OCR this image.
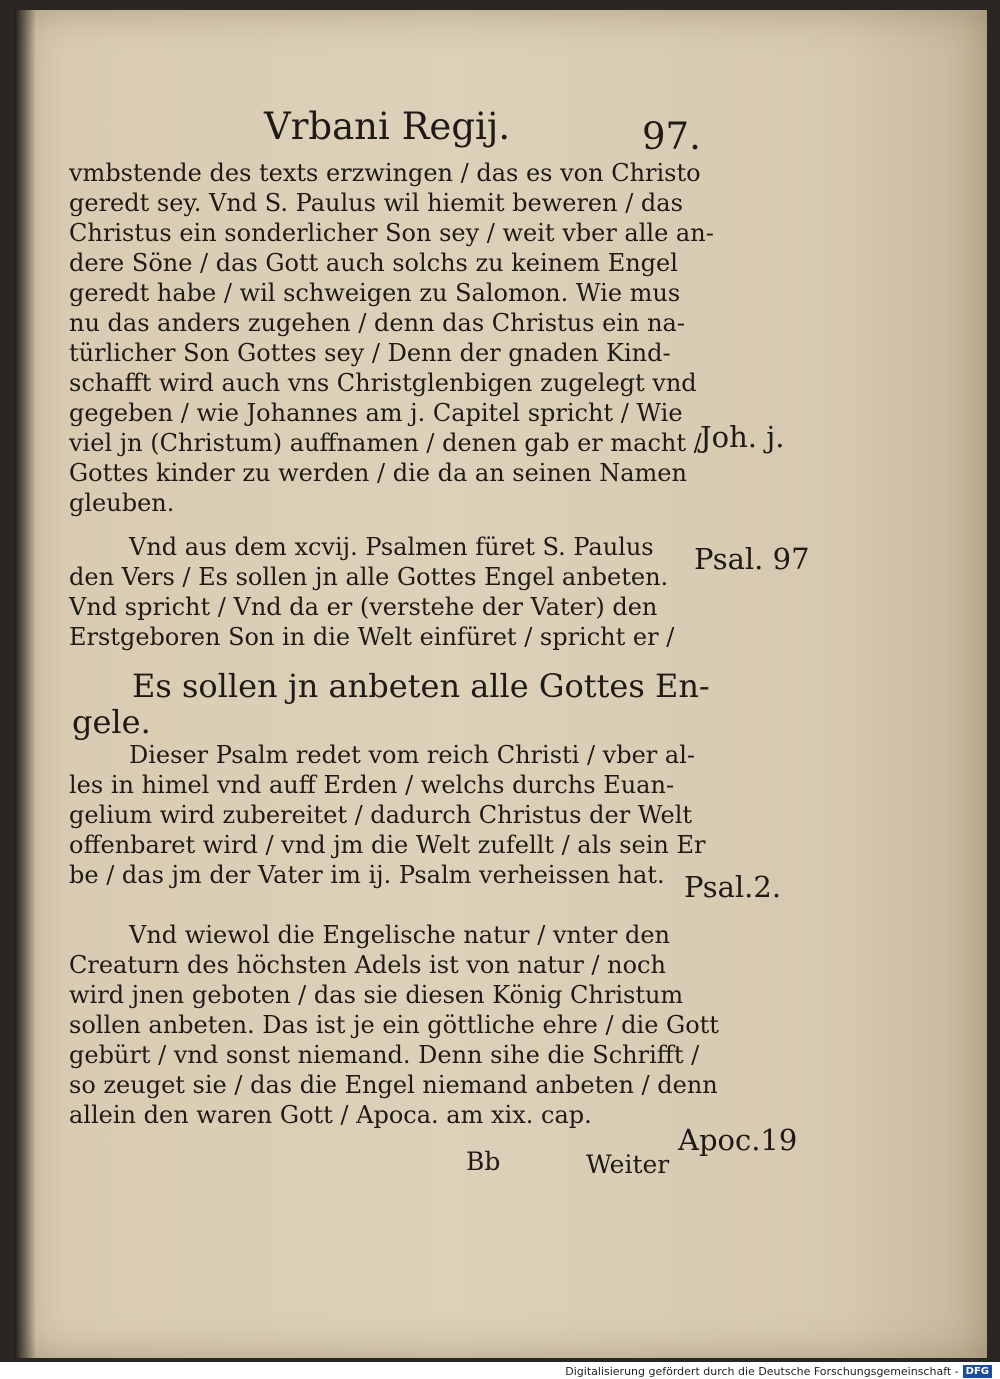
Vrbani Regij.	97.

vmbstende des texts erzwingen / das es von Christo
geredt sey. Vnd S. Paulus wil hiemit beweren / das
Christus ein sonderlicher Son sey / weit vber alle an-
dere Söne / das Gott auch solchs zu keinem Engel
geredt habe / wil schweigen zu Salomon. Wie mus
nu das anders zugehen / denn das Christus ein na-
türlicher Son Gottes sey / Denn der gnaden Kind-
schafft wird auch vns Christglenbigen zugelegt vnd
gegeben / wie Johannes am j. Capitel spricht / Wie
viel jn (Christum) auffnamen / denen gab er macht /
Gottes kinder zu werden / die da an seinen Namen
gleuben.

Vnd aus dem xcvij. Psalmen füret S. Paulus
den Vers / Es sollen jn alle Gottes Engel anbeten.
Vnd spricht / Vnd da er (verstehe der Vater) den
Erstgeboren Son in die Welt einfüret / spricht er /

Es sollen jn anbeten alle Gottes En-
gele.

Dieser Psalm redet vom reich Christi / vber al-
les in himel vnd auff Erden / welchs durchs Euan-
gelium wird zubereitet / dadurch Christus der Welt
offenbaret wird / vnd jm die Welt zufellt / als sein Er
be / das jm der Vater im ij. Psalm verheissen hat.

Vnd wiewol die Engelische natur / vnter den
Creaturn des höchsten Adels ist von natur / noch
wird jnen geboten / das sie diesen König Christum
sollen anbeten. Das ist je ein göttliche ehre / die Gott
gebürt / vnd sonst niemand. Denn sihe die Schrifft /
so zeuget sie / das die Engel niemand anbeten / denn
allein den waren Gott / Apoca. am xix. cap.

Joh. j.
Psal. 97
Psal.2.
Apoc.19
Bb	Weiter
Digitalisierung gefördert durch die Deutsche Forschungsgemeinschaft - DFG
